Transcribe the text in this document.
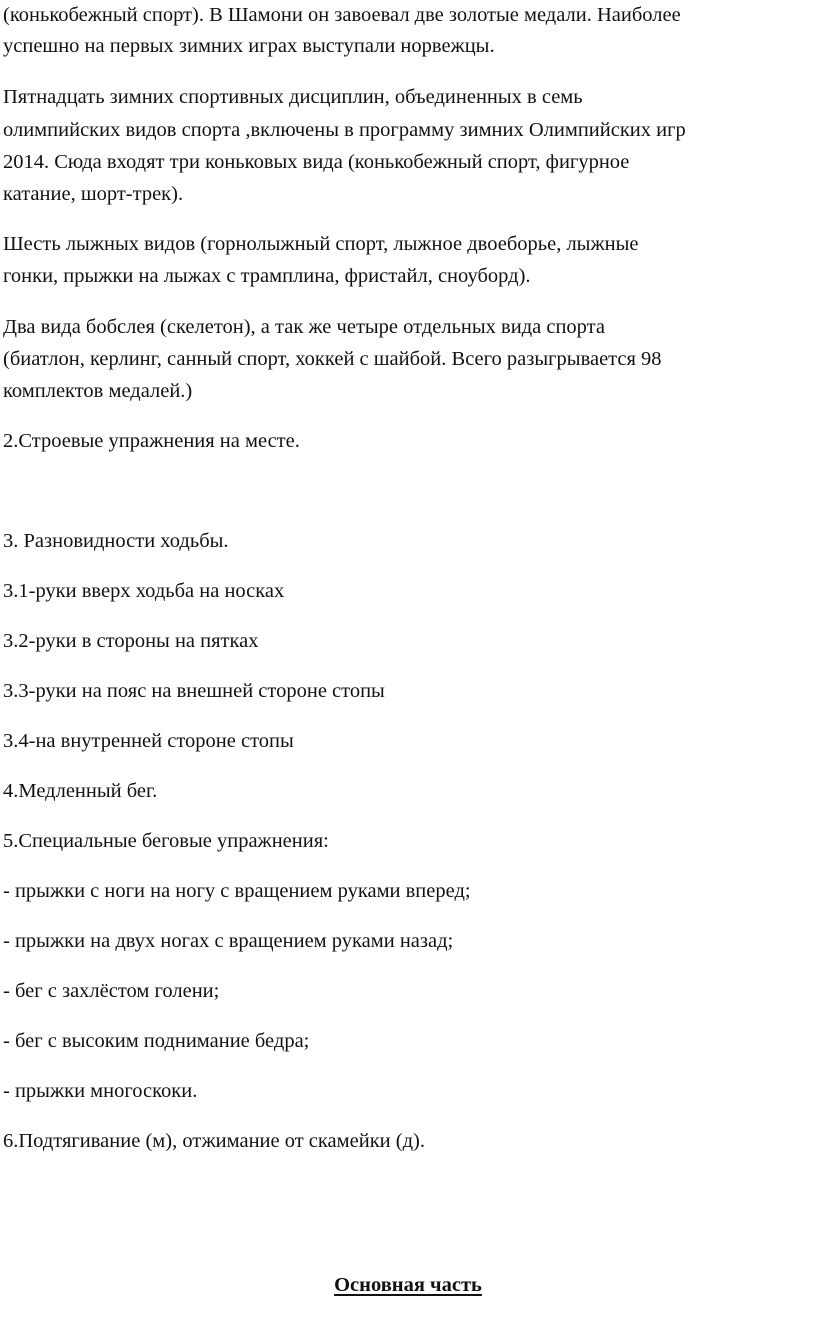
(конькобежный спорт). В Шамони он завоевал две золотые медали. Наиболее

успешно на первых зимних играх выступали норвежцы.

Пятнадцать зимних спортивных дисциплин, объединенных в семь

олимпийских видов спорта ,включены в программу зимних Олимпийских игр

2014. Сюда входят три коньковых вида (конькобежный спорт, фигурное

катание, шорт-трек).

Шесть лыжных видов (горнолыжный спорт, лыжное двоеборье, лыжные

гонки, прыжки на лыжах с трамплина, фристайл, сноуборд).

Два вида бобслея (скелетон), а так же четыре отдельных вида спорта

(биатлон, керлинг, санный спорт, хоккей с шайбой. Всего разыгрывается 98

комплектов медалей.)

2.Строевые упражнения на месте.

3. Разновидности ходьбы.

3.1-руки вверх ходьба на носках

3.2-руки в стороны на пятках

3.3-руки на пояс на внешней стороне стопы

3.4-на внутренней стороне стопы

4.Медленный бег.

5.Специальные беговые упражнения:

- прыжки с ноги на ногу с вращением руками вперед;

- прыжки на двух ногах с вращением руками назад;

- бег с захлёстом голени;

- бег с высоким поднимание бедра;

- прыжки многоскоки.

6.Подтягивание (м), отжимание от скамейки (д).

Основная часть
